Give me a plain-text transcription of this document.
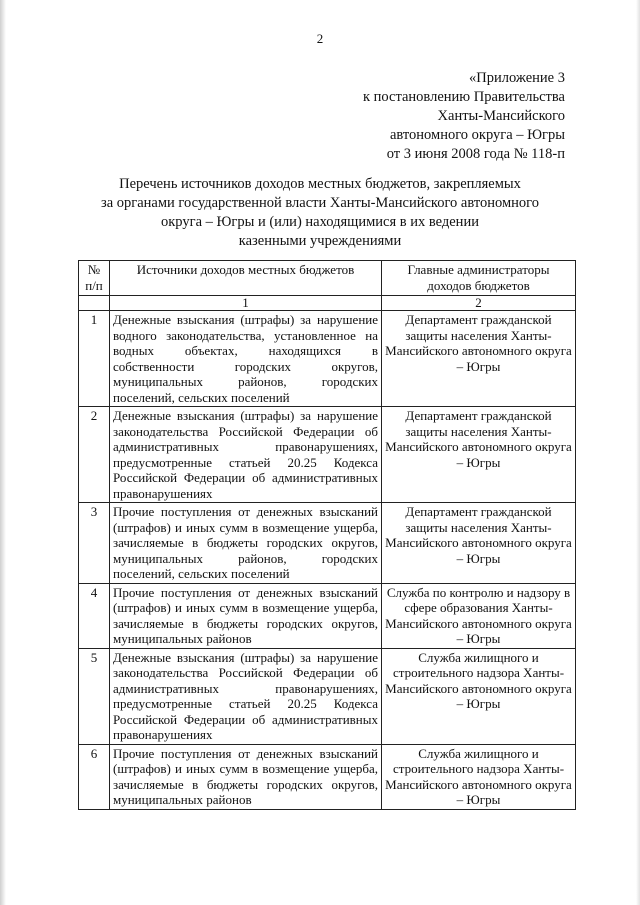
2
«Приложение 3
к постановлению Правительства
Ханты-Мансийского
автономного округа – Югры
от 3 июня 2008 года № 118-п
Перечень источников доходов местных бюджетов, закрепляемых
за органами государственной власти Ханты-Мансийского автономного
округа – Югры и (или) находящимися в их ведении
казенными учреждениями
№ п/п	Источники доходов местных бюджетов	Главные администраторы доходов бюджетов
	1	2
1	Денежные взыскания (штрафы) за нарушение водного законодательства, установленное на водных объектах, находящихся в собственности городских округов, муниципальных районов, городских поселений, сельских поселений	Департамент гражданской защиты населения Ханты-Мансийского автономного округа – Югры
2	Денежные взыскания (штрафы) за нарушение законодательства Российской Федерации об административных правонарушениях, предусмотренные статьей 20.25 Кодекса Российской Федерации об административных правонарушениях	Департамент гражданской защиты населения Ханты-Мансийского автономного округа – Югры
3	Прочие поступления от денежных взысканий (штрафов) и иных сумм в возмещение ущерба, зачисляемые в бюджеты городских округов, муниципальных районов, городских поселений, сельских поселений	Департамент гражданской защиты населения Ханты-Мансийского автономного округа – Югры
4	Прочие поступления от денежных взысканий (штрафов) и иных сумм в возмещение ущерба, зачисляемые в бюджеты городских округов, муниципальных районов	Служба по контролю и надзору в сфере образования Ханты-Мансийского автономного округа – Югры
5	Денежные взыскания (штрафы) за нарушение законодательства Российской Федерации об административных правонарушениях, предусмотренные статьей 20.25 Кодекса Российской Федерации об административных правонарушениях	Служба жилищного и строительного надзора Ханты-Мансийского автономного округа – Югры
6	Прочие поступления от денежных взысканий (штрафов) и иных сумм в возмещение ущерба, зачисляемые в бюджеты городских округов, муниципальных районов	Служба жилищного и строительного надзора Ханты-Мансийского автономного округа – Югры
